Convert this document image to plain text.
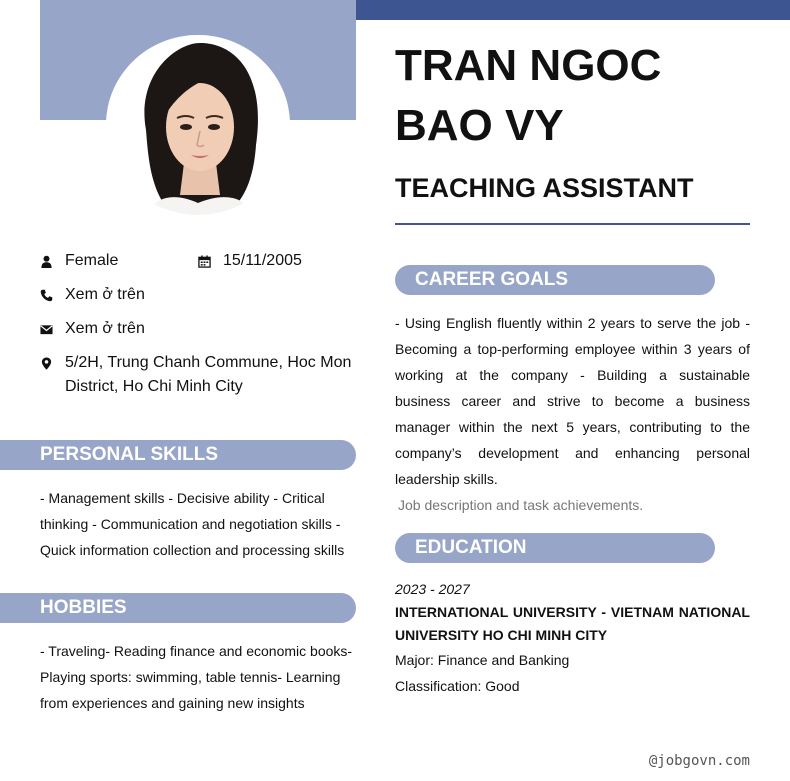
Female	15/11/2005
Xem ở trên
Xem ở trên
5/2H, Trung Chanh Commune, Hoc Mon District, Ho Chi Minh City
PERSONAL SKILLS
- Management skills - Decisive ability - Critical thinking - Communication and negotiation skills - Quick information collection and processing skills
HOBBIES
- Traveling- Reading finance and economic books- Playing sports: swimming, table tennis- Learning from experiences and gaining new insights
TRAN NGOC BAO VY
TEACHING ASSISTANT
CAREER GOALS
- Using English fluently within 2 years to serve the job - Becoming a top-performing employee within 3 years of working at the company - Building a sustainable business career and strive to become a business manager within the next 5 years, contributing to the company’s development and enhancing personal leadership skills.
Job description and task achievements.
EDUCATION
2023 - 2027
INTERNATIONAL UNIVERSITY - VIETNAM NATIONAL UNIVERSITY HO CHI MINH CITY
Major: Finance and Banking
Classification: Good
@jobgovn.com
